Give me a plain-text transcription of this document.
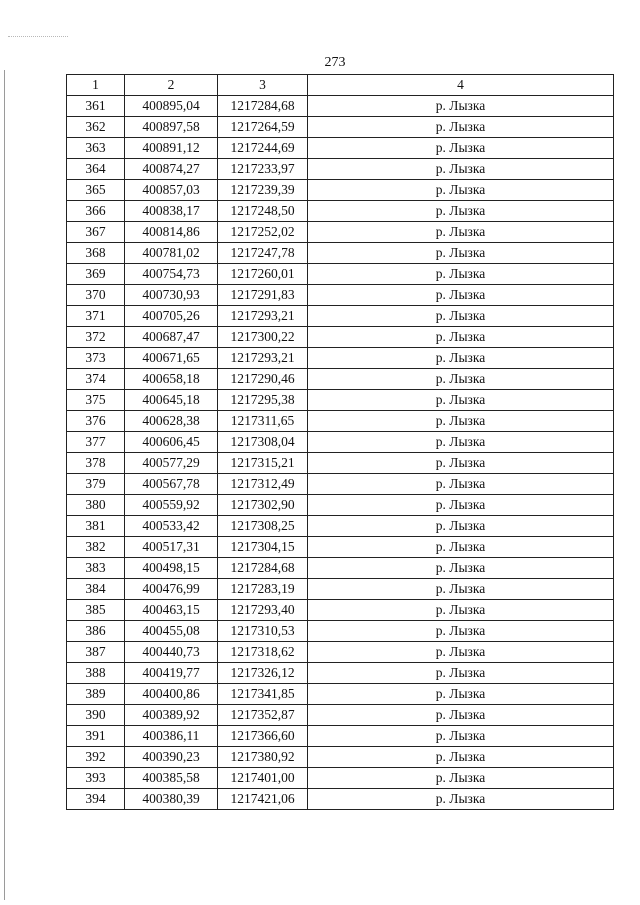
273
1	2	3	4
361	400895,04	1217284,68	р. Лызка
362	400897,58	1217264,59	р. Лызка
363	400891,12	1217244,69	р. Лызка
364	400874,27	1217233,97	р. Лызка
365	400857,03	1217239,39	р. Лызка
366	400838,17	1217248,50	р. Лызка
367	400814,86	1217252,02	р. Лызка
368	400781,02	1217247,78	р. Лызка
369	400754,73	1217260,01	р. Лызка
370	400730,93	1217291,83	р. Лызка
371	400705,26	1217293,21	р. Лызка
372	400687,47	1217300,22	р. Лызка
373	400671,65	1217293,21	р. Лызка
374	400658,18	1217290,46	р. Лызка
375	400645,18	1217295,38	р. Лызка
376	400628,38	1217311,65	р. Лызка
377	400606,45	1217308,04	р. Лызка
378	400577,29	1217315,21	р. Лызка
379	400567,78	1217312,49	р. Лызка
380	400559,92	1217302,90	р. Лызка
381	400533,42	1217308,25	р. Лызка
382	400517,31	1217304,15	р. Лызка
383	400498,15	1217284,68	р. Лызка
384	400476,99	1217283,19	р. Лызка
385	400463,15	1217293,40	р. Лызка
386	400455,08	1217310,53	р. Лызка
387	400440,73	1217318,62	р. Лызка
388	400419,77	1217326,12	р. Лызка
389	400400,86	1217341,85	р. Лызка
390	400389,92	1217352,87	р. Лызка
391	400386,11	1217366,60	р. Лызка
392	400390,23	1217380,92	р. Лызка
393	400385,58	1217401,00	р. Лызка
394	400380,39	1217421,06	р. Лызка
